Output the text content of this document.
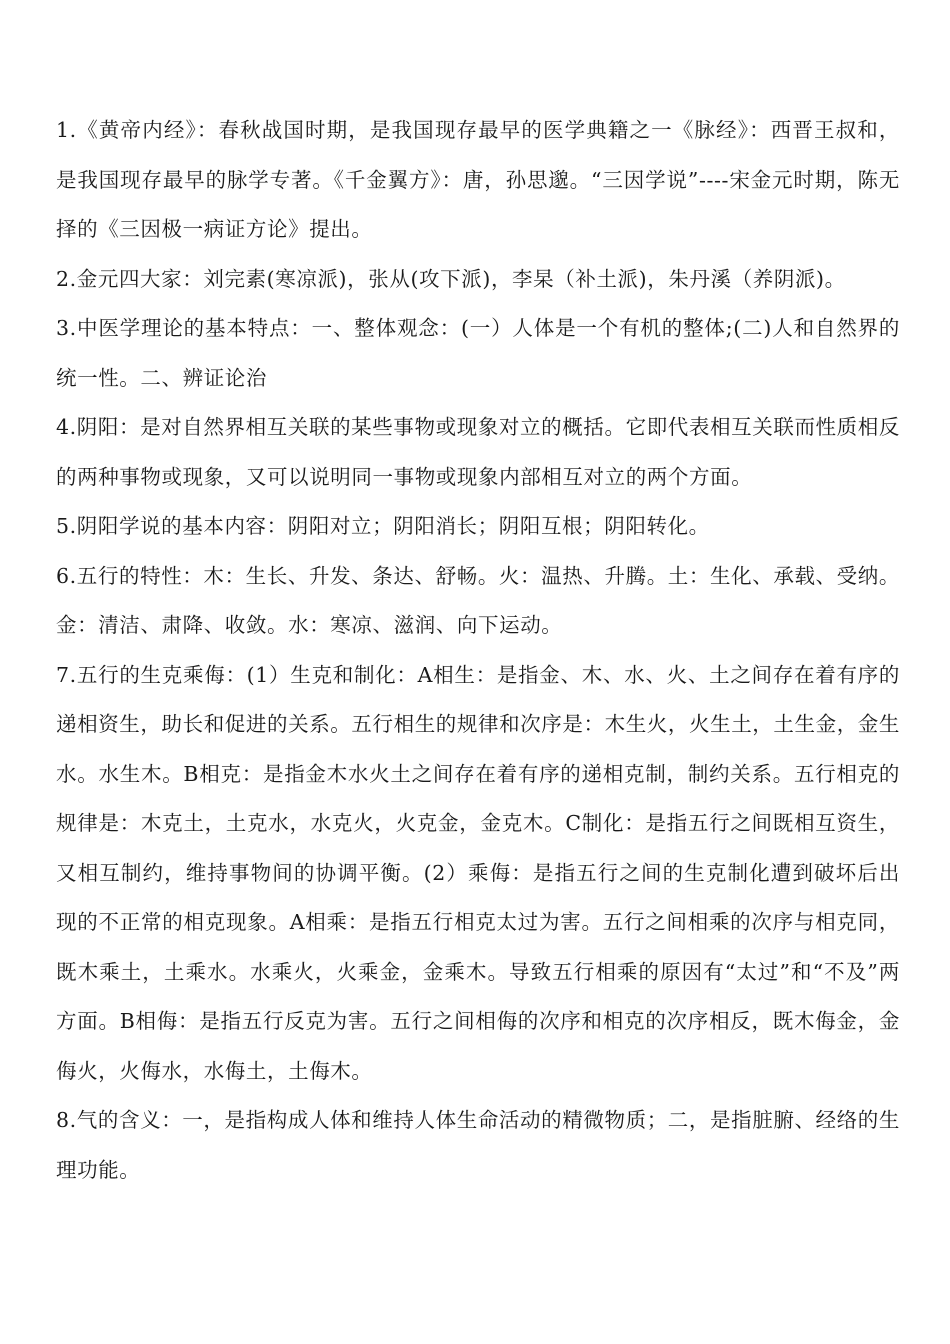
1.《黄帝内经》：春秋战国时期，是我国现存最早的医学典籍之一《脉经》：西晋王叔和，是我国现存最早的脉学专著。《千金翼方》：唐，孙思邈。“三因学说”----宋金元时期，陈无择的《三因极一病证方论》提出。

2.金元四大家：刘完素(寒凉派)，张从(攻下派)，李杲（补土派)，朱丹溪（养阴派)。

3.中医学理论的基本特点：一、整体观念：(一）人体是一个有机的整体;(二)人和自然界的统一性。二、辨证论治

4.阴阳：是对自然界相互关联的某些事物或现象对立的概括。它即代表相互关联而性质相反的两种事物或现象，又可以说明同一事物或现象内部相互对立的两个方面。

5.阴阳学说的基本内容：阴阳对立；阴阳消长；阴阳互根；阴阳转化。

6.五行的特性：木：生长、升发、条达、舒畅。火：温热、升腾。土：生化、承载、受纳。金：清洁、肃降、收敛。水：寒凉、滋润、向下运动。

7.五行的生克乘侮：(1）生克和制化：A相生：是指金、木、水、火、土之间存在着有序的递相资生，助长和促进的关系。五行相生的规律和次序是：木生火，火生土，土生金，金生水。水生木。B相克：是指金木水火土之间存在着有序的递相克制，制约关系。五行相克的规律是：木克土，土克水，水克火，火克金，金克木。C制化：是指五行之间既相互资生，又相互制约，维持事物间的协调平衡。(2）乘侮：是指五行之间的生克制化遭到破坏后出现的不正常的相克现象。A相乘：是指五行相克太过为害。五行之间相乘的次序与相克同，既木乘土，土乘水。水乘火，火乘金，金乘木。导致五行相乘的原因有“太过”和“不及”两方面。B相侮：是指五行反克为害。五行之间相侮的次序和相克的次序相反，既木侮金，金侮火，火侮水，水侮土，土侮木。

8.气的含义：一，是指构成人体和维持人体生命活动的精微物质；二，是指脏腑、经络的生理功能。
